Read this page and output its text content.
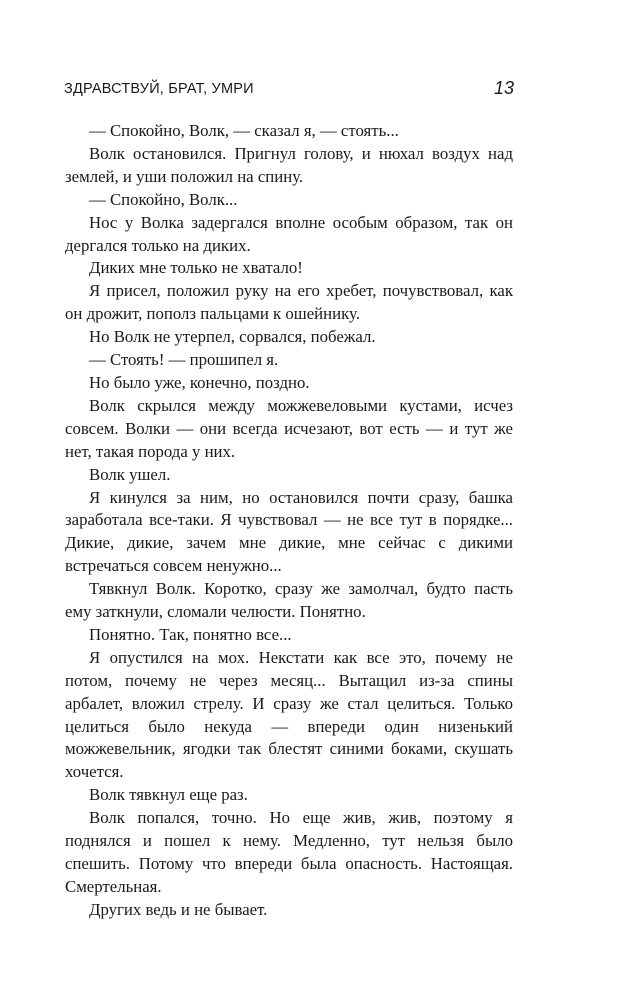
ЗДРАВСТВУЙ, БРАТ, УМРИ	13

— Спокойно, Волк, — сказал я, — стоять...

Волк остановился. Пригнул голову, и нюхал воздух над землей, и уши положил на спину.

— Спокойно, Волк...

Нос у Волка задергался вполне особым образом, так он дергался только на диких.

Диких мне только не хватало!

Я присел, положил руку на его хребет, почувствовал, как он дрожит, пополз пальцами к ошейнику.

Но Волк не утерпел, сорвался, побежал.

— Стоять! — прошипел я.

Но было уже, конечно, поздно.

Волк скрылся между можжевеловыми кустами, исчез совсем. Волки — они всегда исчезают, вот есть — и тут же нет, такая порода у них.

Волк ушел.

Я кинулся за ним, но остановился почти сразу, башка заработала все-таки. Я чувствовал — не все тут в порядке... Дикие, дикие, зачем мне дикие, мне сейчас с дикими встречаться совсем ненужно...

Тявкнул Волк. Коротко, сразу же замолчал, будто пасть ему заткнули, сломали челюсти. Понятно.

Понятно. Так, понятно все...

Я опустился на мох. Некстати как все это, почему не потом, почему не через месяц... Вытащил из-за спины арбалет, вложил стрелу. И сразу же стал целиться. Только целиться было некуда — впереди один низенький можжевельник, ягодки так блестят синими боками, скушать хочется.

Волк тявкнул еще раз.

Волк попался, точно. Но еще жив, жив, поэтому я поднялся и пошел к нему. Медленно, тут нельзя было спешить. Потому что впереди была опасность. Настоящая. Смертельная.

Других ведь и не бывает.
